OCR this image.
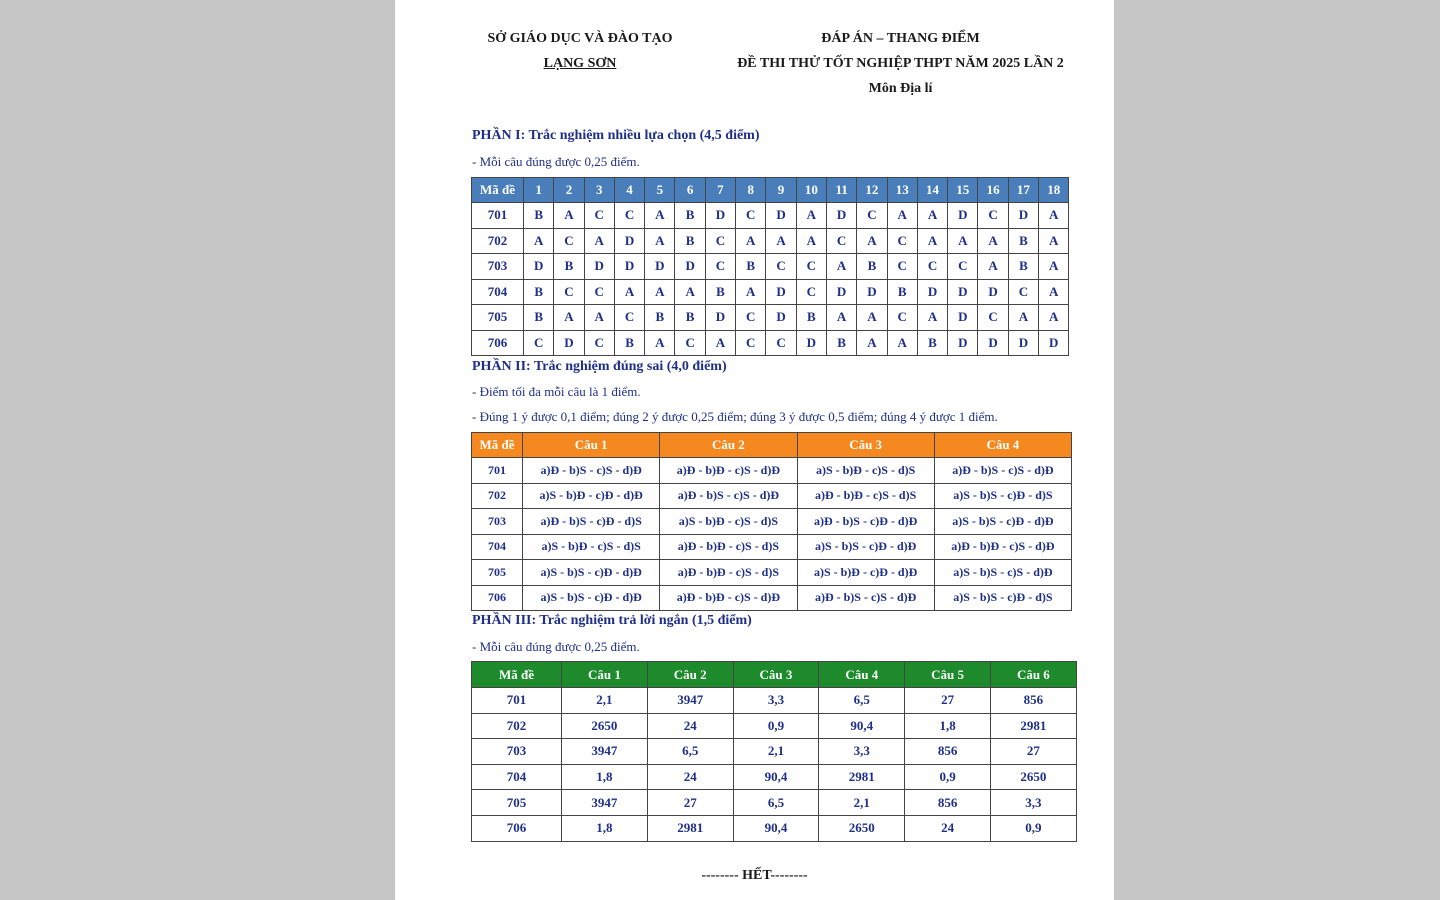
SỞ GIÁO DỤC VÀ ĐÀO TẠO
LẠNG SƠN
ĐÁP ÁN – THANG ĐIỂM
ĐỀ THI THỬ TỐT NGHIỆP THPT NĂM 2025 LẦN 2
Môn Địa lí
PHẦN I: Trắc nghiệm nhiều lựa chọn (4,5 điểm)
- Mỗi câu đúng được 0,25 điểm.
Mã đề	1	2	3	4	5	6	7	8	9	10	11	12	13	14	15	16	17	18
701	B	A	C	C	A	B	D	C	D	A	D	C	A	A	D	C	D	A
702	A	C	A	D	A	B	C	A	A	A	C	A	C	A	A	A	B	A
703	D	B	D	D	D	D	C	B	C	C	A	B	C	C	C	A	B	A
704	B	C	C	A	A	A	B	A	D	C	D	D	B	D	D	D	C	A
705	B	A	A	C	B	B	D	C	D	B	A	A	C	A	D	C	A	A
706	C	D	C	B	A	C	A	C	C	D	B	A	A	B	D	D	D	D
PHẦN II: Trắc nghiệm đúng sai (4,0 điểm)
- Điểm tối đa mỗi câu là 1 điểm.
- Đúng 1 ý được 0,1 điểm; đúng 2 ý được 0,25 điểm; đúng 3 ý được 0,5 điểm; đúng 4 ý được 1 điểm.
Mã đề	Câu 1	Câu 2	Câu 3	Câu 4
701	a)Đ - b)S - c)S - d)Đ	a)Đ - b)Đ - c)S - d)Đ	a)S - b)Đ - c)S - d)S	a)Đ - b)S - c)S - d)Đ
702	a)S - b)Đ - c)Đ - d)Đ	a)Đ - b)S - c)S - d)Đ	a)Đ - b)Đ - c)S - d)S	a)S - b)S - c)Đ - d)S
703	a)Đ - b)S - c)Đ - d)S	a)S - b)Đ - c)S - d)S	a)Đ - b)S - c)Đ - d)Đ	a)S - b)S - c)Đ - d)Đ
704	a)S - b)Đ - c)S - d)S	a)Đ - b)Đ - c)S - d)S	a)S - b)S - c)Đ - d)Đ	a)Đ - b)Đ - c)S - d)Đ
705	a)S - b)S - c)Đ - d)Đ	a)Đ - b)Đ - c)S - d)S	a)S - b)Đ - c)Đ - d)Đ	a)S - b)S - c)S - d)Đ
706	a)S - b)S - c)Đ - d)Đ	a)Đ - b)Đ - c)S - d)Đ	a)Đ - b)S - c)S - d)Đ	a)S - b)S - c)Đ - d)S
PHẦN III: Trắc nghiệm trả lời ngắn (1,5 điểm)
- Mỗi câu đúng được 0,25 điểm.
Mã đề	Câu 1	Câu 2	Câu 3	Câu 4	Câu 5	Câu 6
701	2,1	3947	3,3	6,5	27	856
702	2650	24	0,9	90,4	1,8	2981
703	3947	6,5	2,1	3,3	856	27
704	1,8	24	90,4	2981	0,9	2650
705	3947	27	6,5	2,1	856	3,3
706	1,8	2981	90,4	2650	24	0,9
-------- HẾT--------
